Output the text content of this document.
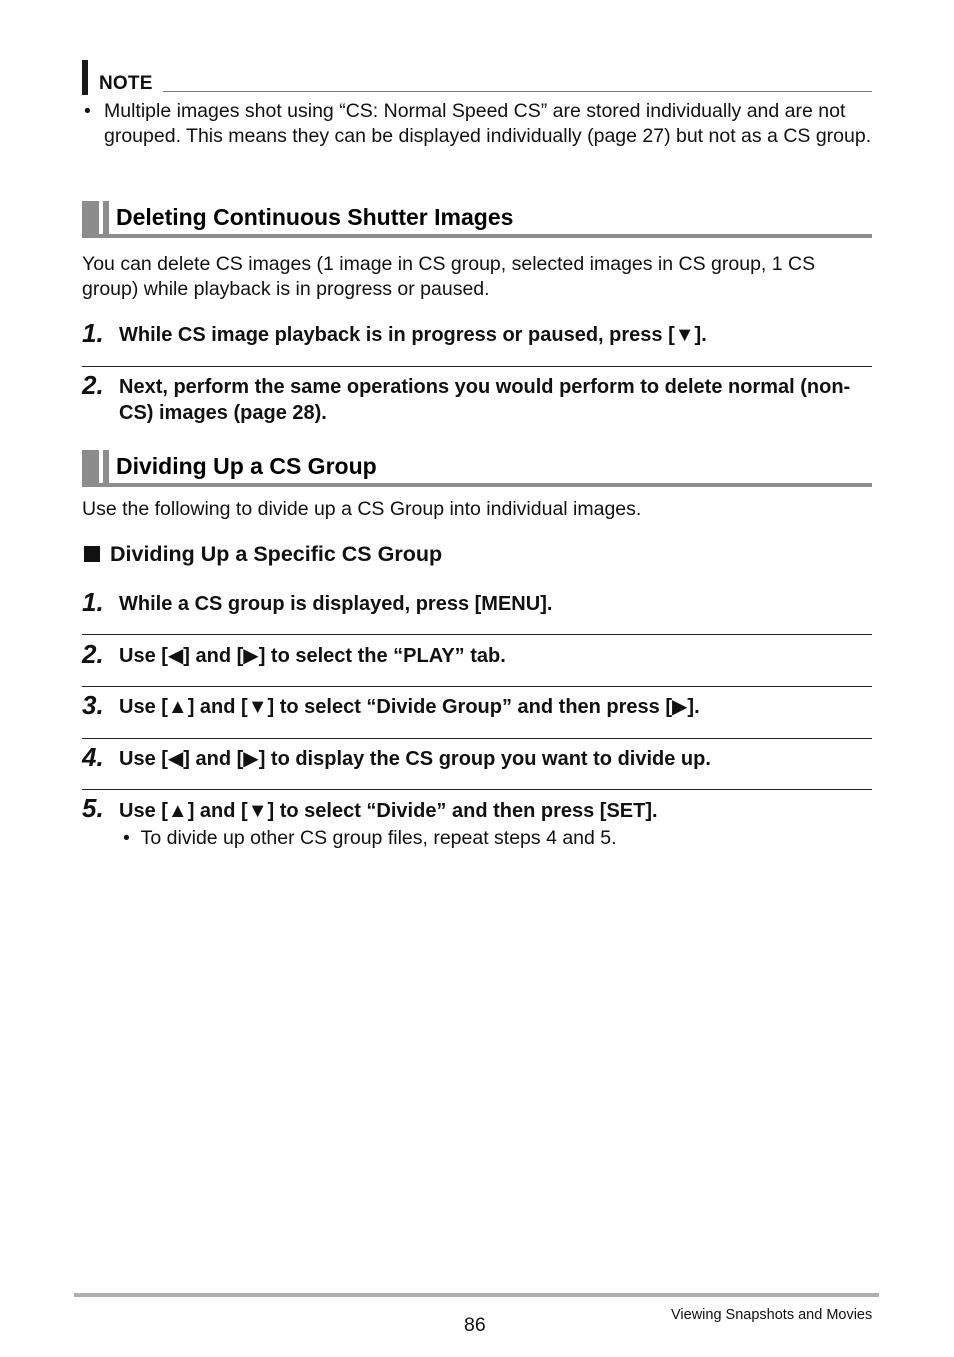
NOTE
• Multiple images shot using “CS: Normal Speed CS” are stored individually and are not grouped. This means they can be displayed individually (page 27) but not as a CS group.
Deleting Continuous Shutter Images
You can delete CS images (1 image in CS group, selected images in CS group, 1 CS group) while playback is in progress or paused.
1. While CS image playback is in progress or paused, press [▼].
2. Next, perform the same operations you would perform to delete normal (non-CS) images (page 28).
Dividing Up a CS Group
Use the following to divide up a CS Group into individual images.
Dividing Up a Specific CS Group
1. While a CS group is displayed, press [MENU].
2. Use [◀] and [▶] to select the “PLAY” tab.
3. Use [▲] and [▼] to select “Divide Group” and then press [▶].
4. Use [◀] and [▶] to display the CS group you want to divide up.
5. Use [▲] and [▼] to select “Divide” and then press [SET].
• To divide up other CS group files, repeat steps 4 and 5.
86	Viewing Snapshots and Movies
